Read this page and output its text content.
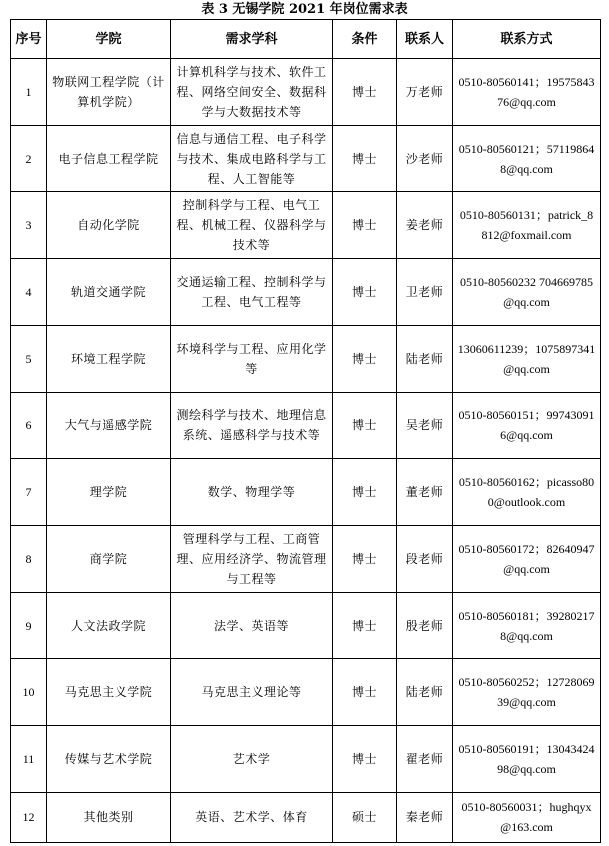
表 3 无锡学院 2021 年岗位需求表
序号	学院	需求学科	条件	联系人	联系方式
1	物联网工程学院（计算机学院）	计算机科学与技术、软件工程、网络空间安全、数据科学与大数据技术等	博士	万老师	0510-80560141；1957584376@qq.com
2	电子信息工程学院	信息与通信工程、电子科学与技术、集成电路科学与工程、人工智能等	博士	沙老师	0510-80560121；571198648@qq.com
3	自动化学院	控制科学与工程、电气工程、机械工程、仪器科学与技术等	博士	姜老师	0510-80560131；patrick_8812@foxmail.com
4	轨道交通学院	交通运输工程、控制科学与工程、电气工程等	博士	卫老师	0510-80560232 704669785@qq.com
5	环境工程学院	环境科学与工程、应用化学等	博士	陆老师	13060611239；1075897341@qq.com
6	大气与遥感学院	测绘科学与技术、地理信息系统、遥感科学与技术等	博士	吴老师	0510-80560151；997430916@qq.com
7	理学院	数学、物理学等	博士	董老师	0510-80560162；picasso800@outlook.com
8	商学院	管理科学与工程、工商管理、应用经济学、物流管理与工程等	博士	段老师	0510-80560172；82640947@qq.com
9	人文法政学院	法学、英语等	博士	殷老师	0510-80560181；392802178@qq.com
10	马克思主义学院	马克思主义理论等	博士	陆老师	0510-80560252；1272806939@qq.com
11	传媒与艺术学院	艺术学	博士	翟老师	0510-80560191；1304342498@qq.com
12	其他类别	英语、艺术学、体育	硕士	秦老师	0510-80560031；hughqyx@163.com
